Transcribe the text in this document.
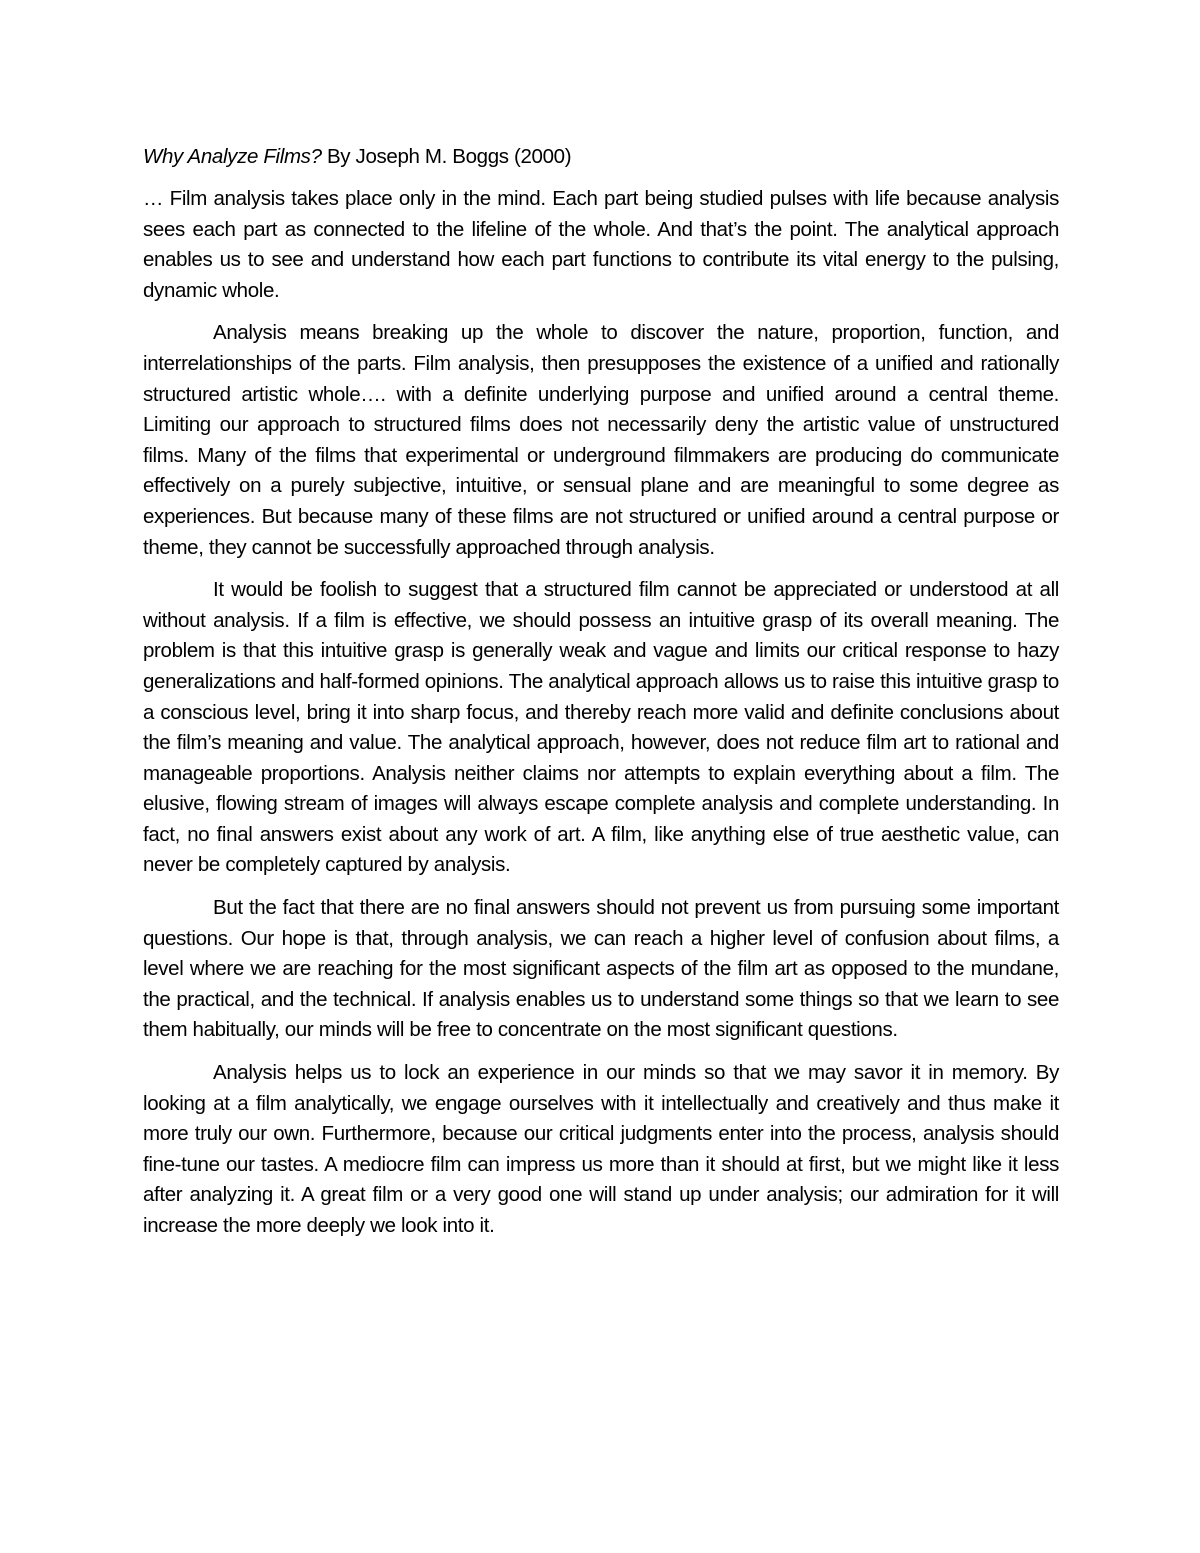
Why Analyze Films? By Joseph M. Boggs (2000)

… Film analysis takes place only in the mind. Each part being studied pulses with life because analysis sees each part as connected to the lifeline of the whole. And that’s the point. The analytical approach enables us to see and understand how each part functions to contribute its vital energy to the pulsing, dynamic whole.

Analysis means breaking up the whole to discover the nature, proportion, function, and interrelationships of the parts. Film analysis, then presupposes the existence of a unified and rationally structured artistic whole…. with a definite underlying purpose and unified around a central theme. Limiting our approach to structured films does not necessarily deny the artistic value of unstructured films. Many of the films that experimental or underground filmmakers are producing do communicate effectively on a purely subjective, intuitive, or sensual plane and are meaningful to some degree as experiences. But because many of these films are not structured or unified around a central purpose or theme, they cannot be successfully approached through analysis.

It would be foolish to suggest that a structured film cannot be appreciated or understood at all without analysis. If a film is effective, we should possess an intuitive grasp of its overall meaning. The problem is that this intuitive grasp is generally weak and vague and limits our critical response to hazy generalizations and half-formed opinions. The analytical approach allows us to raise this intuitive grasp to a conscious level, bring it into sharp focus, and thereby reach more valid and definite conclusions about the film’s meaning and value. The analytical approach, however, does not reduce film art to rational and manageable proportions. Analysis neither claims nor attempts to explain everything about a film. The elusive, flowing stream of images will always escape complete analysis and complete understanding. In fact, no final answers exist about any work of art. A film, like anything else of true aesthetic value, can never be completely captured by analysis.

But the fact that there are no final answers should not prevent us from pursuing some important questions. Our hope is that, through analysis, we can reach a higher level of confusion about films, a level where we are reaching for the most significant aspects of the film art as opposed to the mundane, the practical, and the technical. If analysis enables us to understand some things so that we learn to see them habitually, our minds will be free to concentrate on the most significant questions.

Analysis helps us to lock an experience in our minds so that we may savor it in memory. By looking at a film analytically, we engage ourselves with it intellectually and creatively and thus make it more truly our own. Furthermore, because our critical judgments enter into the process, analysis should fine-tune our tastes. A mediocre film can impress us more than it should at first, but we might like it less after analyzing it. A great film or a very good one will stand up under analysis; our admiration for it will increase the more deeply we look into it.
